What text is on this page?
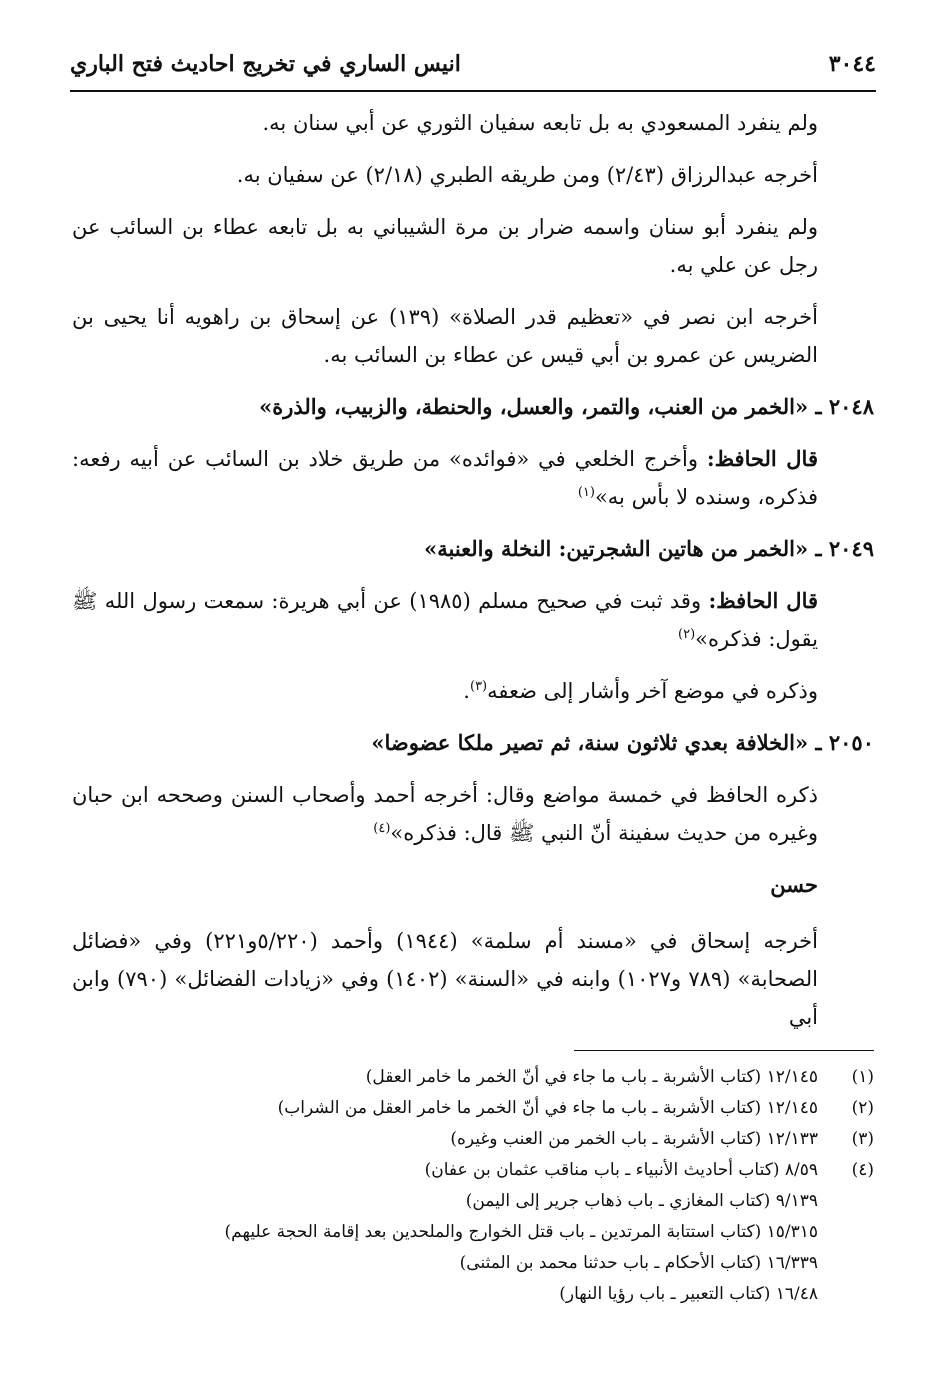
٣٠٤٤
انيس الساري في تخريج احاديث فتح الباري

ولم ينفرد المسعودي به بل تابعه سفيان الثوري عن أبي سنان به.

أخرجه عبدالرزاق (٢/٤٣) ومن طريقه الطبري (٢/١٨) عن سفيان به.

ولم ينفرد أبو سنان واسمه ضرار بن مرة الشيباني به بل تابعه عطاء بن السائب عن رجل عن علي به.

أخرجه ابن نصر في «تعظيم قدر الصلاة» (١٣٩) عن إسحاق بن راهويه أنا يحيى بن الضريس عن عمرو بن أبي قيس عن عطاء بن السائب به.

٢٠٤٨ ـ «الخمر من العنب، والتمر، والعسل، والحنطة، والزبيب، والذرة»

قال الحافظ: وأخرج الخلعي في «فوائده» من طريق خلاد بن السائب عن أبيه رفعه: فذكره، وسنده لا بأس به»$^{(١)}$

٢٠٤٩ ـ «الخمر من هاتين الشجرتين: النخلة والعنبة»

قال الحافظ: وقد ثبت في صحيح مسلم (١٩٨٥) عن أبي هريرة: سمعت رسول الله ﷺ يقول: فذكره»$^{(٢)}$

وذكره في موضع آخر وأشار إلى ضعفه$^{(٣)}$.

٢٠٥٠ ـ «الخلافة بعدي ثلاثون سنة، ثم تصير ملكا عضوضا»

ذكره الحافظ في خمسة مواضع وقال: أخرجه أحمد وأصحاب السنن وصححه ابن حبان وغيره من حديث سفينة أنّ النبي ﷺ قال: فذكره»$^{(٤)}$

حسن

أخرجه إسحاق في «مسند أم سلمة» (١٩٤٤) وأحمد (٥/٢٢٠و٢٢١) وفي «فضائل الصحابة» (٧٨٩ و١٠٢٧) وابنه في «السنة» (١٤٠٢) وفي «زيادات الفضائل» (٧٩٠) وابن أبي

(١)
١٢/١٤٥ (كتاب الأشربة ـ باب ما جاء في أنّ الخمر ما خامر العقل)
(٢)
١٢/١٤٥ (كتاب الأشربة ـ باب ما جاء في أنّ الخمر ما خامر العقل من الشراب)
(٣)
١٢/١٣٣ (كتاب الأشربة ـ باب الخمر من العنب وغيره)
(٤)
٨/٥٩ (كتاب أحاديث الأنبياء ـ باب مناقب عثمان بن عفان)
٩/١٣٩ (كتاب المغازي ـ باب ذهاب جرير إلى اليمن)
١٥/٣١٥ (كتاب استتابة المرتدين ـ باب قتل الخوارج والملحدين بعد إقامة الحجة عليهم)
١٦/٣٣٩ (كتاب الأحكام ـ باب حدثنا محمد بن المثنى)
١٦/٤٨ (كتاب التعبير ـ باب رؤيا النهار)
